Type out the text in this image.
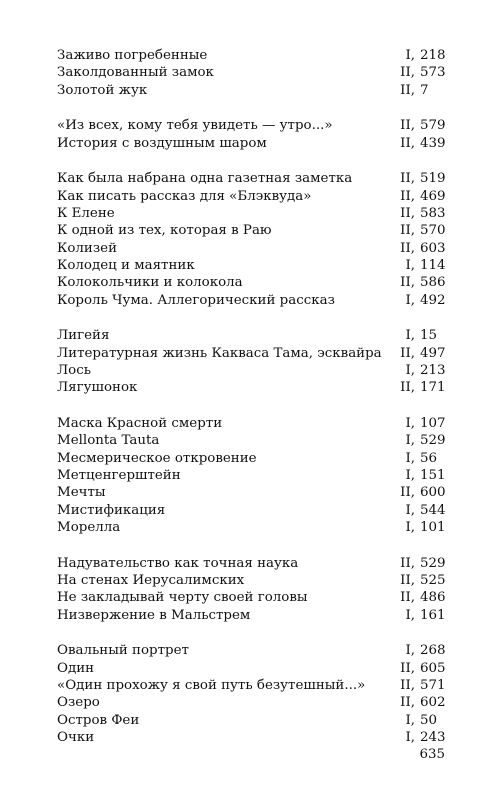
Заживо погребенные	I, 218
Заколдованный замок	II, 573
Золотой жук	II, 7
«Из всех, кому тебя увидеть — утро...»	II, 579
История с воздушным шаром	II, 439
Как была набрана одна газетная заметка	II, 519
Как писать рассказ для «Блэквуда»	II, 469
К Елене	II, 583
К одной из тех, которая в Раю	II, 570
Колизей	II, 603
Колодец и маятник	I, 114
Колокольчики и колокола	II, 586
Король Чума. Аллегорический рассказ	I, 492
Лигейя	I, 15
Литературная жизнь Какваса Тама, эсквайра II, 497
Лось	I, 213
Лягушонок	II, 171
Маска Красной смерти	I, 107
Mellonta Tauta	I, 529
Месмерическое откровение	I, 56
Метценгерштейн	I, 151
Мечты	II, 600
Мистификация	I, 544
Морелла	I, 101
Надувательство как точная наука	II, 529
На стенах Иерусалимских	II, 525
Не закладывай черту своей головы	II, 486
Низвержение в Мальстрем	I, 161
Овальный портрет	I, 268
Один	II, 605
«Один прохожу я свой путь безутешный...»	II, 571
Озеро	II, 602
Остров Феи	I, 50
Очки	I, 243
635
